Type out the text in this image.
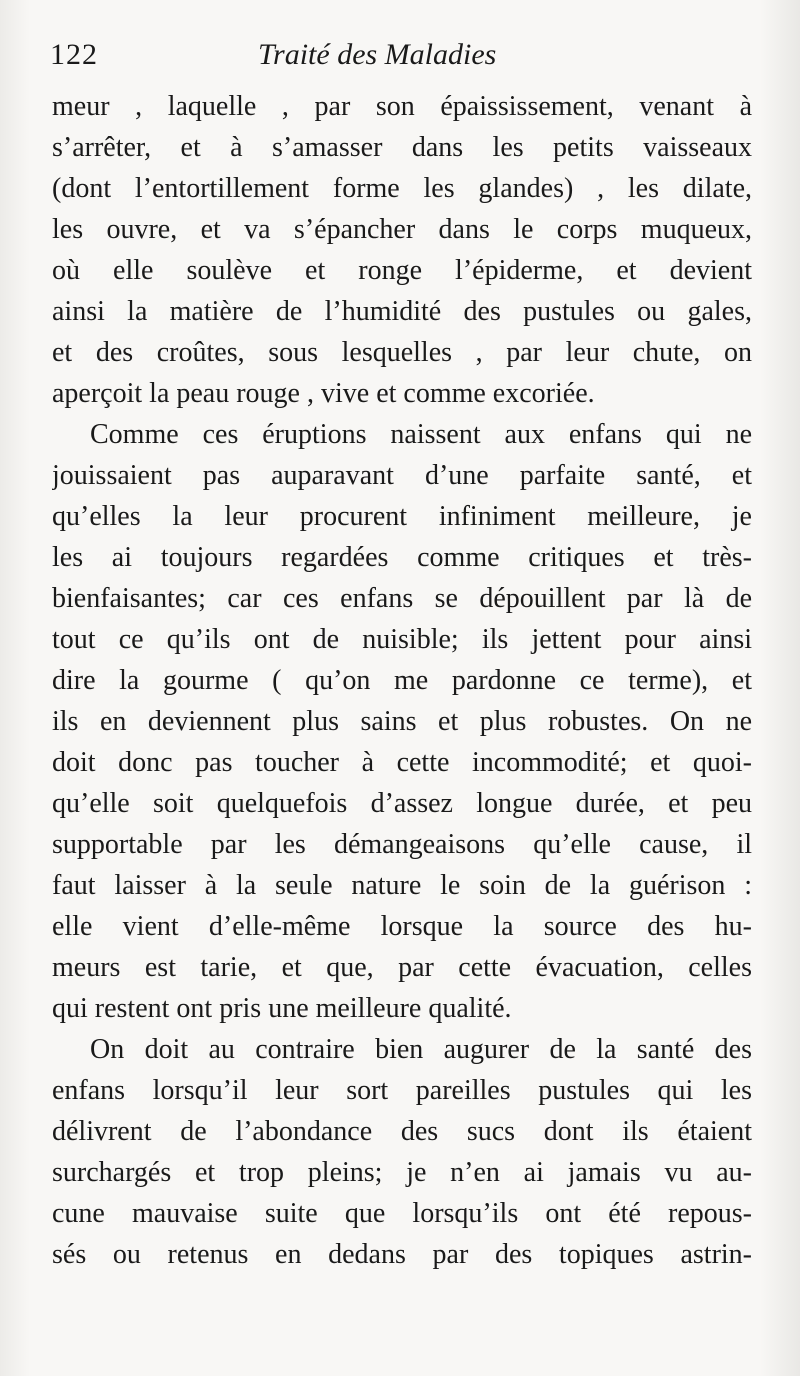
122	Traité des Maladies
meur , laquelle , par son épaississement, venant à
s’arrêter, et à s’amasser dans les petits vaisseaux
(dont l’entortillement forme les glandes) , les dilate,
les ouvre, et va s’épancher dans le corps muqueux,
où elle soulève et ronge l’épiderme, et devient
ainsi la matière de l’humidité des pustules ou gales,
et des croûtes, sous lesquelles , par leur chute, on
aperçoit la peau rouge , vive et comme excoriée.
Comme ces éruptions naissent aux enfans qui ne
jouissaient pas auparavant d’une parfaite santé, et
qu’elles la leur procurent infiniment meilleure, je
les ai toujours regardées comme critiques et très-
bienfaisantes; car ces enfans se dépouillent par là de
tout ce qu’ils ont de nuisible; ils jettent pour ainsi
dire la gourme ( qu’on me pardonne ce terme), et
ils en deviennent plus sains et plus robustes. On ne
doit donc pas toucher à cette incommodité; et quoi-
qu’elle soit quelquefois d’assez longue durée, et peu
supportable par les démangeaisons qu’elle cause, il
faut laisser à la seule nature le soin de la guérison :
elle vient d’elle-même lorsque la source des hu-
meurs est tarie, et que, par cette évacuation, celles
qui restent ont pris une meilleure qualité.
On doit au contraire bien augurer de la santé des
enfans lorsqu’il leur sort pareilles pustules qui les
délivrent de l’abondance des sucs dont ils étaient
surchargés et trop pleins; je n’en ai jamais vu au-
cune mauvaise suite que lorsqu’ils ont été repous-
sés ou retenus en dedans par des topiques astrin-
